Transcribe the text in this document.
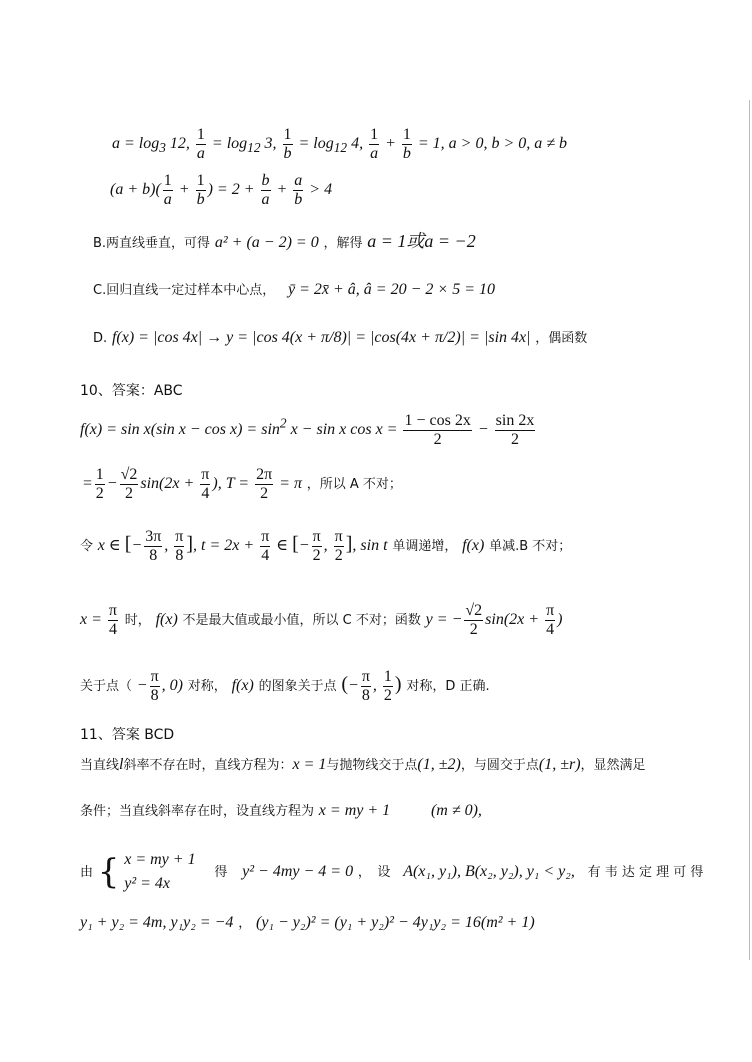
$a = \log_3 12$, $\frac{1}{a} = \log_{12} 3$, $\frac{1}{b} = \log_{12} 4$, $\frac{1}{a} + \frac{1}{b} = 1$, a > 0, b > 0, a ≠ b
$(a + b)( \frac{1}{a} + \frac{1}{b}$ ) = $2 + \frac{b}{a} + \frac{a}{b} > 4$
B.两直线垂直，可得 a² + (a − 2) = 0 ，解得 a = 1或a = −2
C.回归直线一定过样本中心点， ȳ = 2x̄ + â, â = 20 − 2 × 5 = 10
D. f(x) = |cos 4x| → y = |cos 4(x + π/8)| = |cos(4x + π/2)| = |sin 4x| ，偶函数
10、答案：ABC
f(x) = sin x(sin $x - \cos x) = \sin^2 x - \sin x$ $\cos x = \frac{1 - \cos 2x}{2} - \frac{\sin 2x}{2}$
= $\frac{1}{2} - \frac{√2}{2} \sin(2x + \frac{\pi}{4}$ ), $T = \frac{2\pi}{2} = \pi$ ，所以 A 不对；
令 x ∈ [− $\frac{3\pi}{8}$ , $\frac{\pi}{8}$ ], $t = 2x + \frac{\pi}{4}$ ∈ [− $\frac{\pi}{2}$ , $\frac{\pi}{2}$ ], sin t 单调递增， f(x) 单减.B 不对；
$x = \frac{\pi}{4}$ 时， f(x) 不是最大值或最小值，所以 C 不对；函数 y = − $\frac{√2}{2} \sin(2x + \frac{\pi}{4}$ )
关于点（ − $\frac{\pi}{8}$ , 0) 对称， f(x) 的图象关于点 (− $\frac{\pi}{8}$ , $\frac{1}{2}$ ) 对称，D 正确.
11、答案 BCD
当直线l斜率不存在时，直线方程为：x = 1与抛物线交于点(1, ±2)，与圆交于点(1, ±r)，显然满足
条件；当直线斜率存在时，设直线方程为 x = my + 1	(m ≠ 0),
由 { x = my + 1
y² = 4x
得 y² − 4my − 4 = 0 ，　设 A(x₁, y₁), B(x₂, y₂), y₁ < y₂, 有 韦 达 定 理 可 得
y₁ + y₂ = 4m, y₁y₂ = −4 ， (y₁ − y₂)² = (y₁ + y₂)² − 4y₁y₂ = 16(m² + 1)
